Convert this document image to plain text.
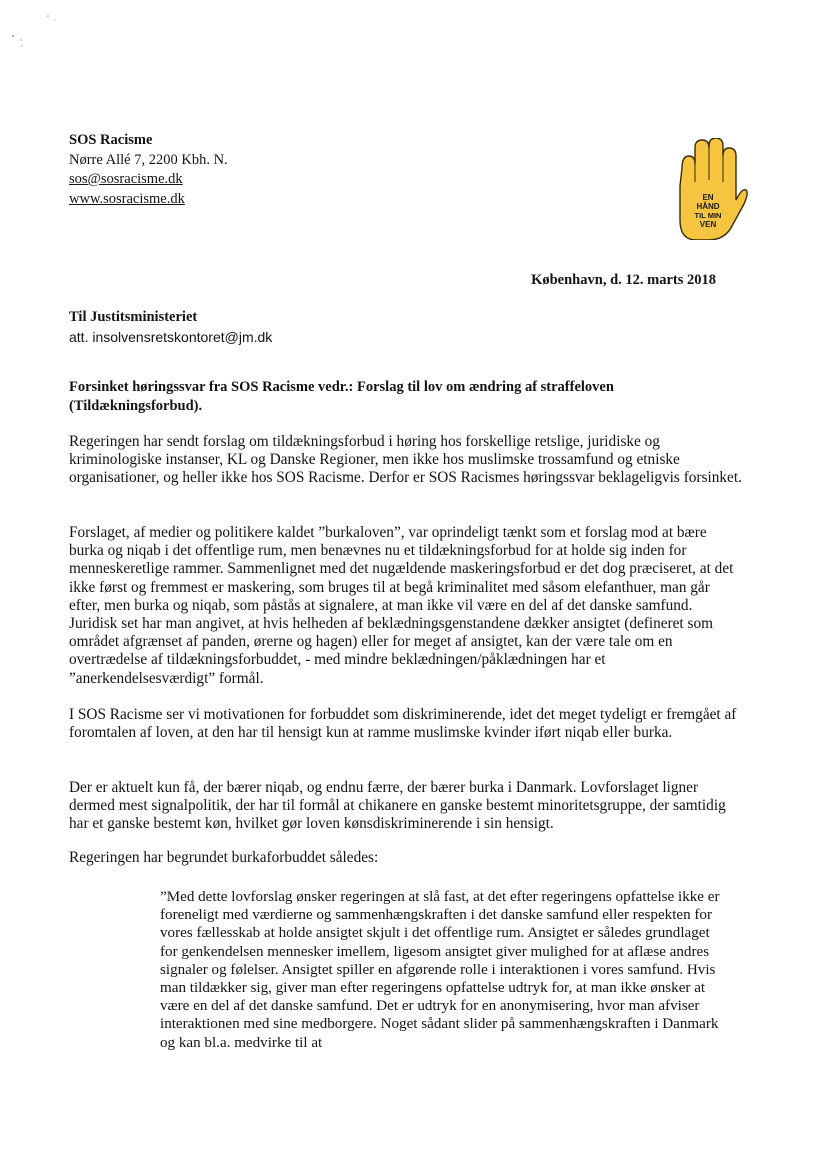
SOS Racisme
Nørre Allé 7, 2200 Kbh. N.
sos@sosracisme.dk
www.sosracisme.dk	EN
HÅND
TIL MIN
VEN
København, d. 12. marts 2018
Til Justitsministeriet
att. insolvensretskontoret@jm.dk
Forsinket høringssvar fra SOS Racisme vedr.: Forslag til lov om ændring af straffeloven (Tildækningsforbud).
Regeringen har sendt forslag om tildækningsforbud i høring hos forskellige retslige, juridiske og kriminologiske instanser, KL og Danske Regioner, men ikke hos muslimske trossamfund og etniske organisationer, og heller ikke hos SOS Racisme. Derfor er SOS Racismes høringssvar beklageligvis forsinket.
Forslaget, af medier og politikere kaldet ”burkaloven”, var oprindeligt tænkt som et forslag mod at bære burka og niqab i det offentlige rum, men benævnes nu et tildækningsforbud for at holde sig inden for menneskeretlige rammer. Sammenlignet med det nugældende maskeringsforbud er det dog præciseret, at det ikke først og fremmest er maskering, som bruges til at begå kriminalitet med såsom elefanthuer, man går efter, men burka og niqab, som påstås at signalere, at man ikke vil være en del af det danske samfund. Juridisk set har man angivet, at hvis helheden af beklædningsgenstandene dækker ansigtet (defineret som området afgrænset af panden, ørerne og hagen) eller for meget af ansigtet, kan der være tale om en overtrædelse af tildækningsforbuddet, - med mindre beklædningen/påklædningen har et ”anerkendelsesværdigt” formål.
I SOS Racisme ser vi motivationen for forbuddet som diskriminerende, idet det meget tydeligt er fremgået af foromtalen af loven, at den har til hensigt kun at ramme muslimske kvinder iført niqab eller burka.
Der er aktuelt kun få, der bærer niqab, og endnu færre, der bærer burka i Danmark. Lovforslaget ligner dermed mest signalpolitik, der har til formål at chikanere en ganske bestemt minoritetsgruppe, der samtidig har et ganske bestemt køn, hvilket gør loven kønsdiskriminerende i sin hensigt.
Regeringen har begrundet burkaforbuddet således:
”Med dette lovforslag ønsker regeringen at slå fast, at det efter regeringens opfattelse ikke er foreneligt med værdierne og sammenhængskraften i det danske samfund eller respekten for vores fællesskab at holde ansigtet skjult i det offentlige rum. Ansigtet er således grundlaget for genkendelsen mennesker imellem, ligesom ansigtet giver mulighed for at aflæse andres signaler og følelser. Ansigtet spiller en afgørende rolle i interaktionen i vores samfund. Hvis man tildækker sig, giver man efter regeringens opfattelse udtryk for, at man ikke ønsker at være en del af det danske samfund. Det er udtryk for en anonymisering, hvor man afviser interaktionen med sine medborgere. Noget sådant slider på sammenhængskraften i Danmark og kan bl.a. medvirke til at
